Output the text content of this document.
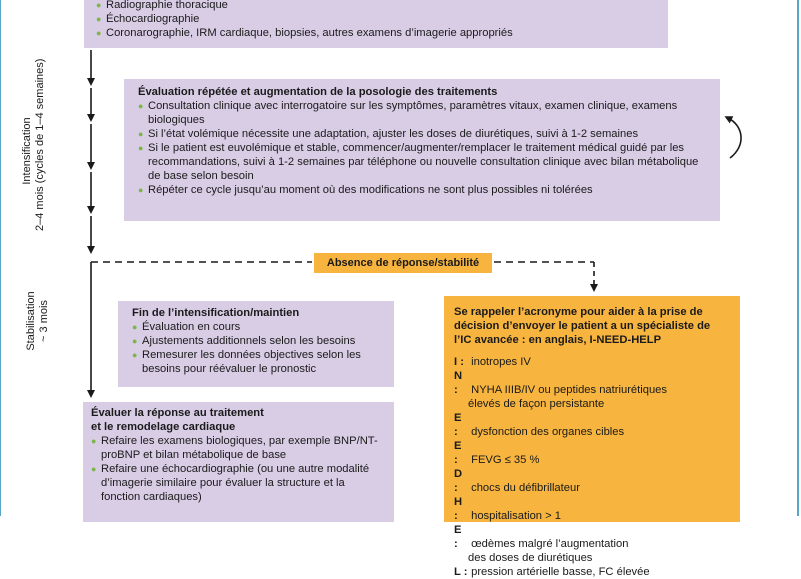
● Radiographie thoracique
● Échocardiographie
● Coronarographie, IRM cardiaque, biopsies, autres examens d’imagerie appropriés
Intensification 2–4 mois (cycles de 1–4 semaines)	Évaluation répétée et augmentation de la posologie des traitements
● Consultation clinique avec interrogatoire sur les symptômes, paramètres vitaux, examen clinique, examens biologiques
● Si l’état volémique nécessite une adaptation, ajuster les doses de diurétiques, suivi à 1-2 semaines
● Si le patient est euvolémique et stable, commencer/augmenter/remplacer le traitement médical guidé par les recommandations, suivi à 1-2 semaines par téléphone ou nouvelle consultation clinique avec bilan métabolique de base selon besoin
● Répéter ce cycle jusqu’au moment où des modifications ne sont plus possibles ni tolérées
Absence de réponse/stabilité
Stabilisation ~ 3 mois	Fin de l’intensification/maintien
● Évaluation en cours
● Ajustements additionnels selon les besoins
● Remesurer les données objectives selon les besoins pour réévaluer le pronostic
Évaluer la réponse au traitement
et le remodelage cardiaque
● Refaire les examens biologiques, par exemple BNP/NT-proBNP et bilan métabolique de base
● Refaire une échocardiographie (ou une autre modalité d’imagerie similaire pour évaluer la structure et la fonction cardiaques)
Se rappeler l’acronyme pour aider à la prise de décision d’envoyer le patient a un spécialiste de l’IC avancée : en anglais, I-NEED-HELP
I : inotropes IV
N : NYHA IIIB/IV ou peptides natriurétiques
élevés de façon persistante
E : dysfonction des organes cibles
E : FEVG ≤ 35 %
D : chocs du défibrillateur
H : hospitalisation > 1
E : œdèmes malgré l’augmentation
des doses de diurétiques
L : pression artérielle basse, FC élevée
